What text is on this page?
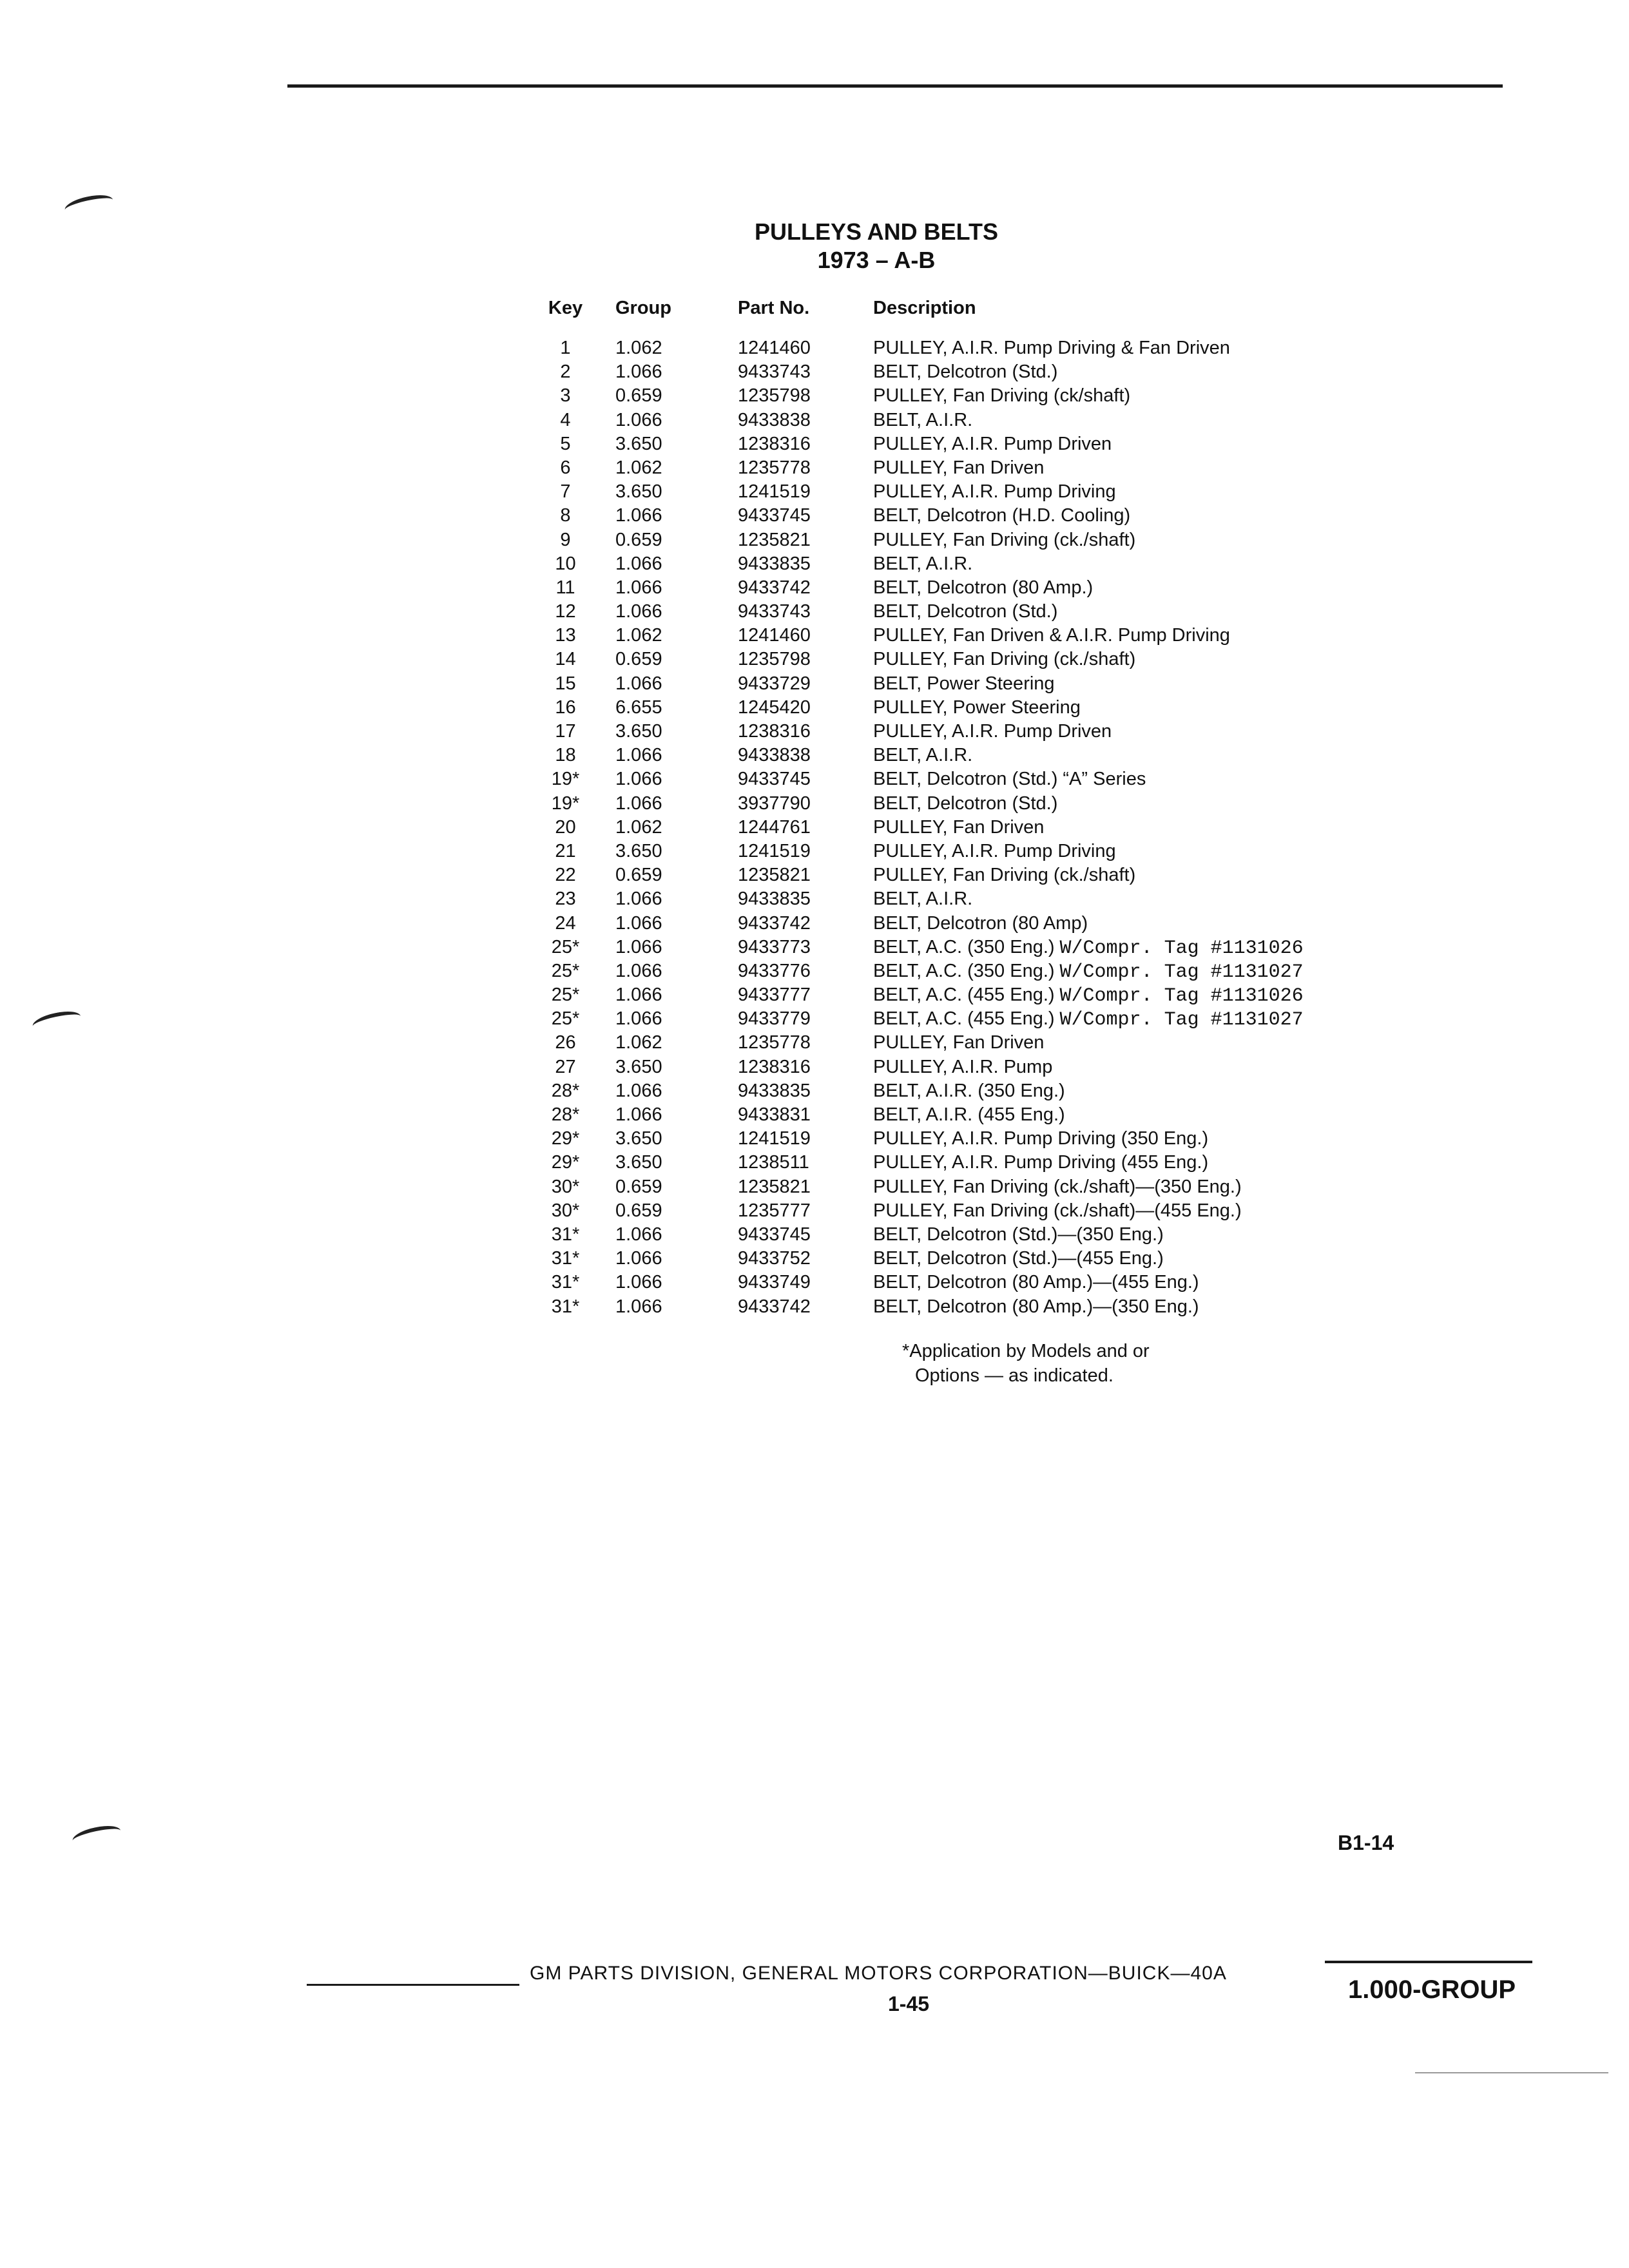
PULLEYS AND BELTS
1973 – A-B
Key	Group	Part No.	Description
1	1.062	1241460	PULLEY, A.I.R. Pump Driving & Fan Driven
2	1.066	9433743	BELT, Delcotron (Std.)
3	0.659	1235798	PULLEY, Fan Driving (ck/shaft)
4	1.066	9433838	BELT, A.I.R.
5	3.650	1238316	PULLEY, A.I.R. Pump Driven
6	1.062	1235778	PULLEY, Fan Driven
7	3.650	1241519	PULLEY, A.I.R. Pump Driving
8	1.066	9433745	BELT, Delcotron (H.D. Cooling)
9	0.659	1235821	PULLEY, Fan Driving (ck./shaft)
10	1.066	9433835	BELT, A.I.R.
11	1.066	9433742	BELT, Delcotron (80 Amp.)
12	1.066	9433743	BELT, Delcotron (Std.)
13	1.062	1241460	PULLEY, Fan Driven & A.I.R. Pump Driving
14	0.659	1235798	PULLEY, Fan Driving (ck./shaft)
15	1.066	9433729	BELT, Power Steering
16	6.655	1245420	PULLEY, Power Steering
17	3.650	1238316	PULLEY, A.I.R. Pump Driven
18	1.066	9433838	BELT, A.I.R.
19*	1.066	9433745	BELT, Delcotron (Std.) “A” Series
19*	1.066	3937790	BELT, Delcotron (Std.)
20	1.062	1244761	PULLEY, Fan Driven
21	3.650	1241519	PULLEY, A.I.R. Pump Driving
22	0.659	1235821	PULLEY, Fan Driving (ck./shaft)
23	1.066	9433835	BELT, A.I.R.
24	1.066	9433742	BELT, Delcotron (80 Amp)
25*	1.066	9433773	BELT, A.C. (350 Eng.) W/Compr. Tag #1131026
25*	1.066	9433776	BELT, A.C. (350 Eng.) W/Compr. Tag #1131027
25*	1.066	9433777	BELT, A.C. (455 Eng.) W/Compr. Tag #1131026
25*	1.066	9433779	BELT, A.C. (455 Eng.) W/Compr. Tag #1131027
26	1.062	1235778	PULLEY, Fan Driven
27	3.650	1238316	PULLEY, A.I.R. Pump
28*	1.066	9433835	BELT, A.I.R. (350 Eng.)
28*	1.066	9433831	BELT, A.I.R. (455 Eng.)
29*	3.650	1241519	PULLEY, A.I.R. Pump Driving (350 Eng.)
29*	3.650	1238511	PULLEY, A.I.R. Pump Driving (455 Eng.)
30*	0.659	1235821	PULLEY, Fan Driving (ck./shaft)—(350 Eng.)
30*	0.659	1235777	PULLEY, Fan Driving (ck./shaft)—(455 Eng.)
31*	1.066	9433745	BELT, Delcotron (Std.)—(350 Eng.)
31*	1.066	9433752	BELT, Delcotron (Std.)—(455 Eng.)
31*	1.066	9433749	BELT, Delcotron (80 Amp.)—(455 Eng.)
31*	1.066	9433742	BELT, Delcotron (80 Amp.)—(350 Eng.)
*Application by Models and or
Options — as indicated.
B1-14
GM PARTS DIVISION, GENERAL MOTORS CORPORATION—BUICK—40A
1-45	1.000-GROUP
